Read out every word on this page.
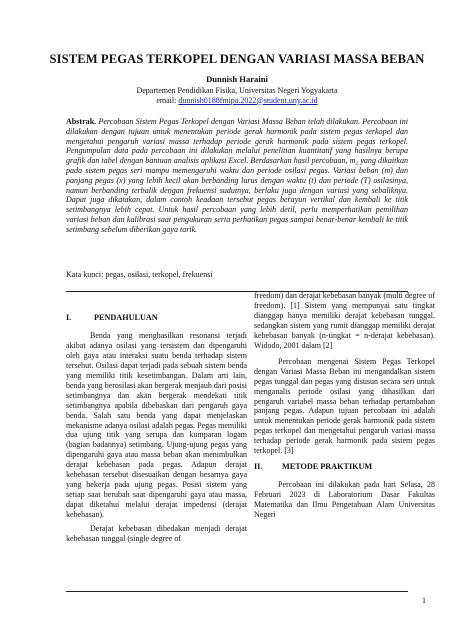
SISTEM PEGAS TERKOPEL DENGAN VARIASI MASSA BEBAN
Dunnish Haraini
Departemen Pendidikan Fisika, Universitas Negeri Yogyakarta
email: dunnish0188fmipa.2022@student.uny.ac.id
Abstrak. Percobaan Sistem Pegas Terkopel dengan Variasi Massa Beban telah dilakukan. Percobaan ini dilakukan dengan tujuan untuk menentukan periode gerak harmonik pada sistem pegas terkopel dan mengetahui pengaruh variasi massa terhadap periode gerak harmonik pada sistem pegas terkopel. Pengumpulan data pada percobaan ini dilakukan melalui penelitian kuantitatif yang hasilnya berupa grafik dan tabel dengan bantuan analisis aplikasi Excel. Berdasarkan hasil percobaan, m₂ yang dikaitkan pada sistem pegas seri mampu memengaruhi waktu dan periode osilasi pegas. Variasi beban (m) dan panjang pegas (x) yang lebih kecil akan berbanding lurus dengan waktu (t) dan periode (T) osilasinya, namun berbanding terbalik dengan frekuensi sudutnya, berlaku juga dengan variasi yang sebaliknya. Dapat juga dikatakan, dalam contoh keadaan tersebut pegas berayun vertikal dan kembali ke titik setimbangnya lebih cepat. Untuk hasil percobaan yang lebih detil, perlu memperhatikan pemilihan variasi beban dan kalibrasi saat pengukuran serta perhatikan pegas sampai benar-benar kembali ke titik setimbang sebelum diberikan gaya tarik.
Kata kunci: pegas, osilasi, terkopel, frekuensi
I.	PENDAHULUAN

Benda yang menghasilkan resonansi terjadi akibat adanya osilasi yang tersistem dan dipengaruhi oleh gaya atau interaksi suatu benda terhadap sistem tersebut. Osilasi dapat terjadi pada sebuah sistem benda yang memiliki titik kesetimbangan. Dalam arti lain, benda yang berosilasi akan bergerak menjauh dari posisi setimbangnya dan akan bergerak mendekati titik setimbangnya apabila dibebaskan dari pengaruh gaya benda. Salah satu benda yang dapat menjelaskan mekanisme adanya osilasi adalah pegas. Pegas memiliki dua ujung titik yang serupa dan kumparan logam (bagian badannya) setimbang. Ujung-ujung pegas yang dipengaruhi gaya atau massa beban akan menimbulkan derajat kebebasan pada pegas. Adapun derajat kebebasan tersebut disesuaikan dengan besarnya gaya yang bekerja pada ujung pegas. Posisi sistem yang setiap saat berubah saat dipengaruhi gaya atau massa, dapat diketahui melalui derajat impedensi (derajat kebebasan).

Derajat kebebasan dibedakan menjadi derajat kebebasan tunggal (single degree of

freedom) dan derajat kebebasan banyak (multi degree of freedom). [1] Sistem yang mempunyai satu tingkat dianggap hanya memiliki derajat kebebasan tunggal, sedangkan sistem yang rumit dianggap memiliki derajat kebebasan banyak (n-tingkat = n-derajat kebebasan). Widodo, 2001 dalam [2]

Percobaan mengenai Sistem Pegas Terkopel dengan Variasi Massa Beban ini mengandalkan sistem pegas tunggal dan pegas yang disusun secara seri untuk menganalis periode osilasi yang dihasilkan dari pengaruh variabel massa beban terhadap pertambahan panjang pegas. Adapun tujuan percobaan ini adalah untuk menentukan periode gerak harmonik pada sistem pegas terkopel dan mengetahui pengaruh variasi massa terhadap periode gerak harmonik pada sistem pegas terkopel. [3]

II. METODE PRAKTIKUM

Percobaan ini dilakukan pada hari Selasa, 28 Februari 2023 di Laboratorium Dasar Fakultas Matematika dan Ilmu Pengetahuan Alam Universitas Negeri

1
